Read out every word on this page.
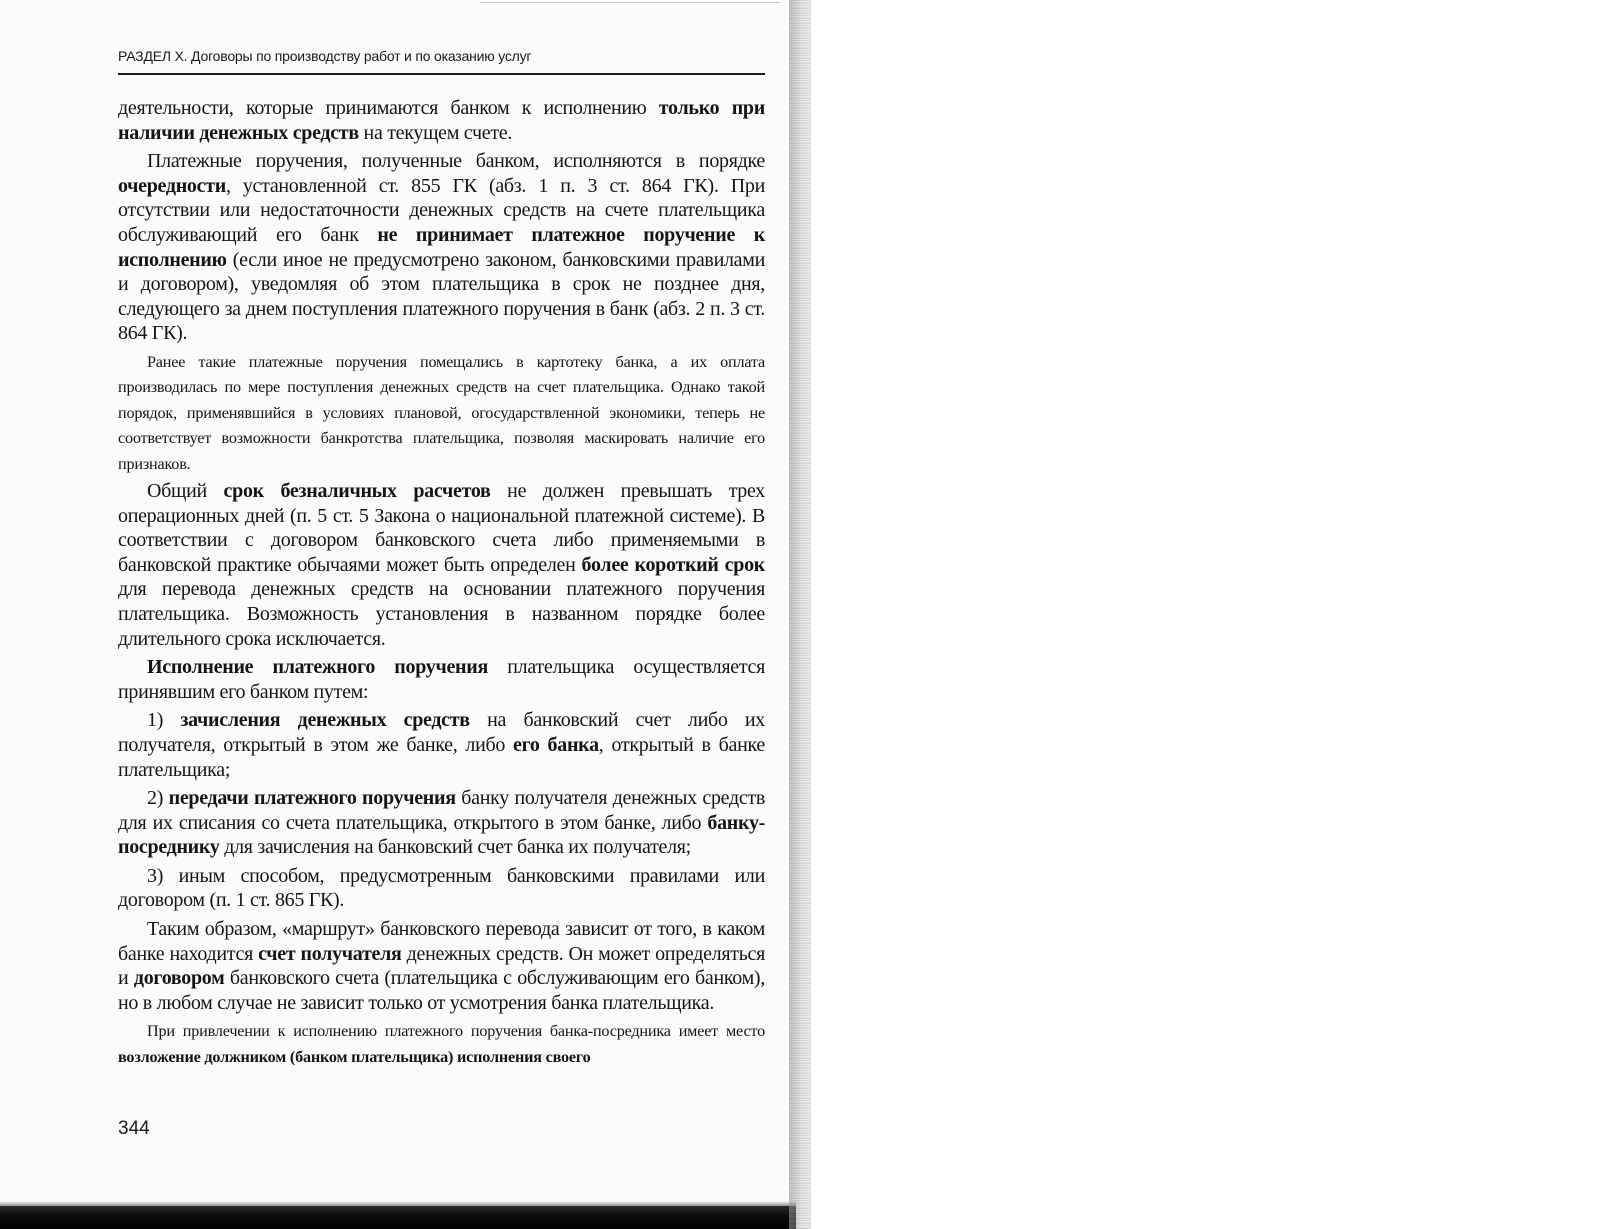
РАЗДЕЛ X. Договоры по производству работ и по оказанию услуг

деятельности, которые принимаются банком к исполнению только при наличии денежных средств на текущем счете.

Платежные поручения, полученные банком, исполняются в порядке очередности, установленной ст. 855 ГК (абз. 1 п. 3 ст. 864 ГК). При отсутствии или недостаточности денежных средств на счете плательщика обслуживающий его банк не принимает платежное поручение к исполнению (если иное не предусмотрено законом, банковскими правилами и договором), уведомляя об этом плательщика в срок не позднее дня, следующего за днем поступления платежного поручения в банк (абз. 2 п. 3 ст. 864 ГК).

Ранее такие платежные поручения помещались в картотеку банка, а их оплата производилась по мере поступления денежных средств на счет плательщика. Однако такой порядок, применявшийся в условиях плановой, огосударствленной экономики, теперь не соответствует возможности банкротства плательщика, позволяя маскировать наличие его признаков.

Общий срок безналичных расчетов не должен превышать трех операционных дней (п. 5 ст. 5 Закона о национальной платежной системе). В соответствии с договором банковского счета либо применяемыми в банковской практике обычаями может быть определен более короткий срок для перевода денежных средств на основании платежного поручения плательщика. Возможность установления в названном порядке более длительного срока исключается.

Исполнение платежного поручения плательщика осуществляется принявшим его банком путем:

1) зачисления денежных средств на банковский счет либо их получателя, открытый в этом же банке, либо его банка, открытый в банке плательщика;

2) передачи платежного поручения банку получателя денежных средств для их списания со счета плательщика, открытого в этом банке, либо банку-посреднику для зачисления на банковский счет банка их получателя;

3) иным способом, предусмотренным банковскими правилами или договором (п. 1 ст. 865 ГК).

Таким образом, «маршрут» банковского перевода зависит от того, в каком банке находится счет получателя денежных средств. Он может определяться и договором банковского счета (плательщика с обслуживающим его банком), но в любом случае не зависит только от усмотрения банка плательщика.

При привлечении к исполнению платежного поручения банка-посредника имеет место возложение должником (банком плательщика) исполнения своего

344
